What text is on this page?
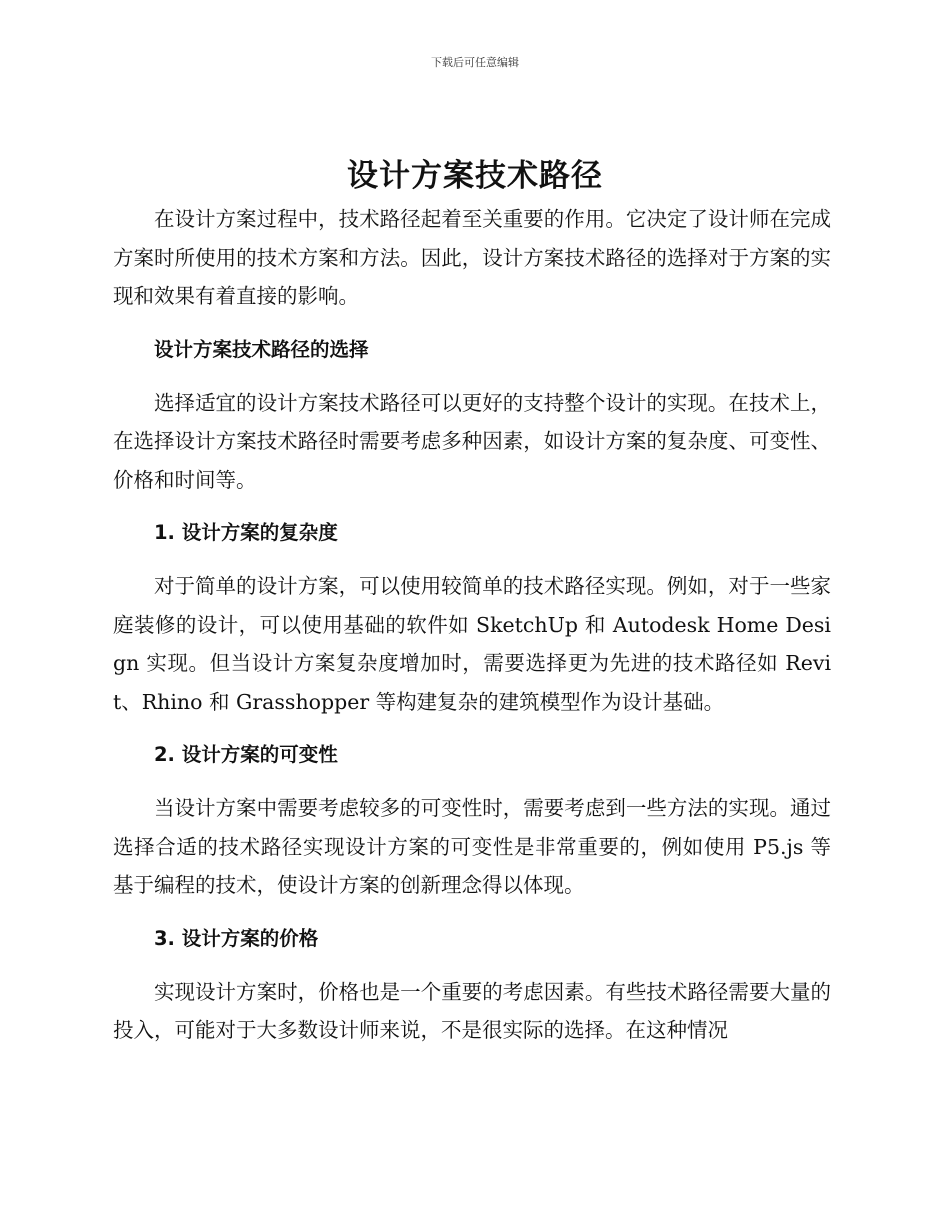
下载后可任意编辑
设计方案技术路径

在设计方案过程中，技术路径起着至关重要的作用。它决定了设计师在完成方案时所使用的技术方案和方法。因此，设计方案技术路径的选择对于方案的实现和效果有着直接的影响。

设计方案技术路径的选择

选择适宜的设计方案技术路径可以更好的支持整个设计的实现。在技术上，在选择设计方案技术路径时需要考虑多种因素，如设计方案的复杂度、可变性、价格和时间等。

1. 设计方案的复杂度

对于简单的设计方案，可以使用较简单的技术路径实现。例如，对于一些家庭装修的设计，可以使用基础的软件如 SketchUp 和 Autodesk Home Design 实现。但当设计方案复杂度增加时，需要选择更为先进的技术路径如 Revit、Rhino 和 Grasshopper 等构建复杂的建筑模型作为设计基础。

2. 设计方案的可变性

当设计方案中需要考虑较多的可变性时，需要考虑到一些方法的实现。通过选择合适的技术路径实现设计方案的可变性是非常重要的，例如使用 P5.js 等基于编程的技术，使设计方案的创新理念得以体现。

3. 设计方案的价格

实现设计方案时，价格也是一个重要的考虑因素。有些技术路径需要大量的投入，可能对于大多数设计师来说，不是很实际的选择。在这种情况
